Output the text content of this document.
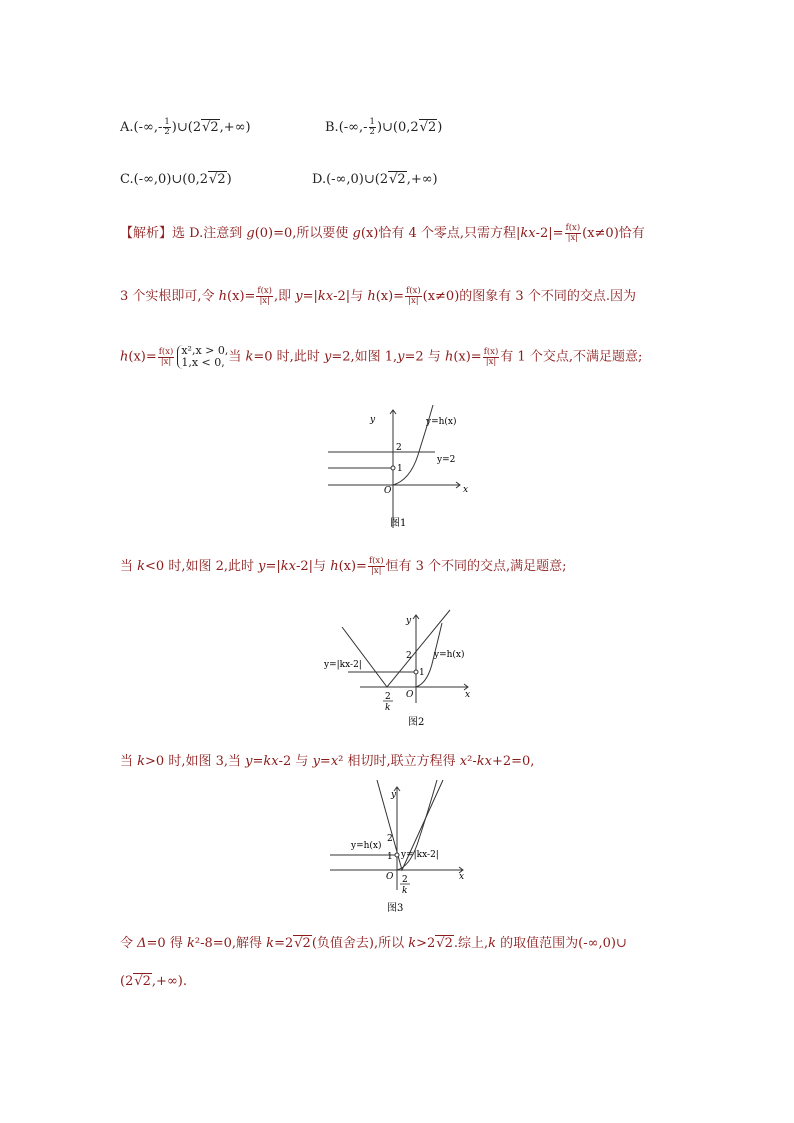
$A.(-\infty,- \frac{1}{2}$ )∪(2√2,+∞)	$B.(-\infty,- \frac{1}{2}$ )∪(0,2√2)
C.(-∞,0)∪(0,2√2)	D.(-∞,0)∪(2√2,+∞)
【解析】选 D.注意到 g(0)=0,所以要使 g(x)恰有 4 个零点,只需方程$|kx-2|= \frac{f(x)}{|x|} (x\ne 0)$恰有
3 个实根即可,令 $h(x)= \frac{f(x)}{|x|}$ ,即 y=|kx-2|与 $h(x)= \frac{f(x)}{|x|} (x\ne 0)$的图象有 3 个不同的交点.因为
$h(x)= \frac{f(x)}{|x|} x^2,x > 0$,
1,x < 0, 当 k=0 时,此时 y=2,如图 1,y=2 与 $h(x)= \frac{f(x)}{|x|}$ 有 1 个交点,不满足题意;
y
x
O
y=h(x)
y=2
2
1
图1
当 k<0 时,如图 2,此时 y=|kx-2|与 $h(x)= \frac{f(x)}{|x|}$ 恒有 3 个不同的交点,满足题意;
y
x
O
y=h(x)
y=|kx-2|
2
1
2
k
图2
当 k>0 时,如图 3,当 y=kx-2 与 y=x² 相切时,联立方程得 x²-kx+2=0,
y
x
O
y=h(x)
y=|kx-2|
2
1
2
k
图3
令 Δ=0 得 k²-8=0,解得 k=2√2(负值舍去),所以 k>2√2.综上,k 的取值范围为(-∞,0)∪
(2√2,+∞).
